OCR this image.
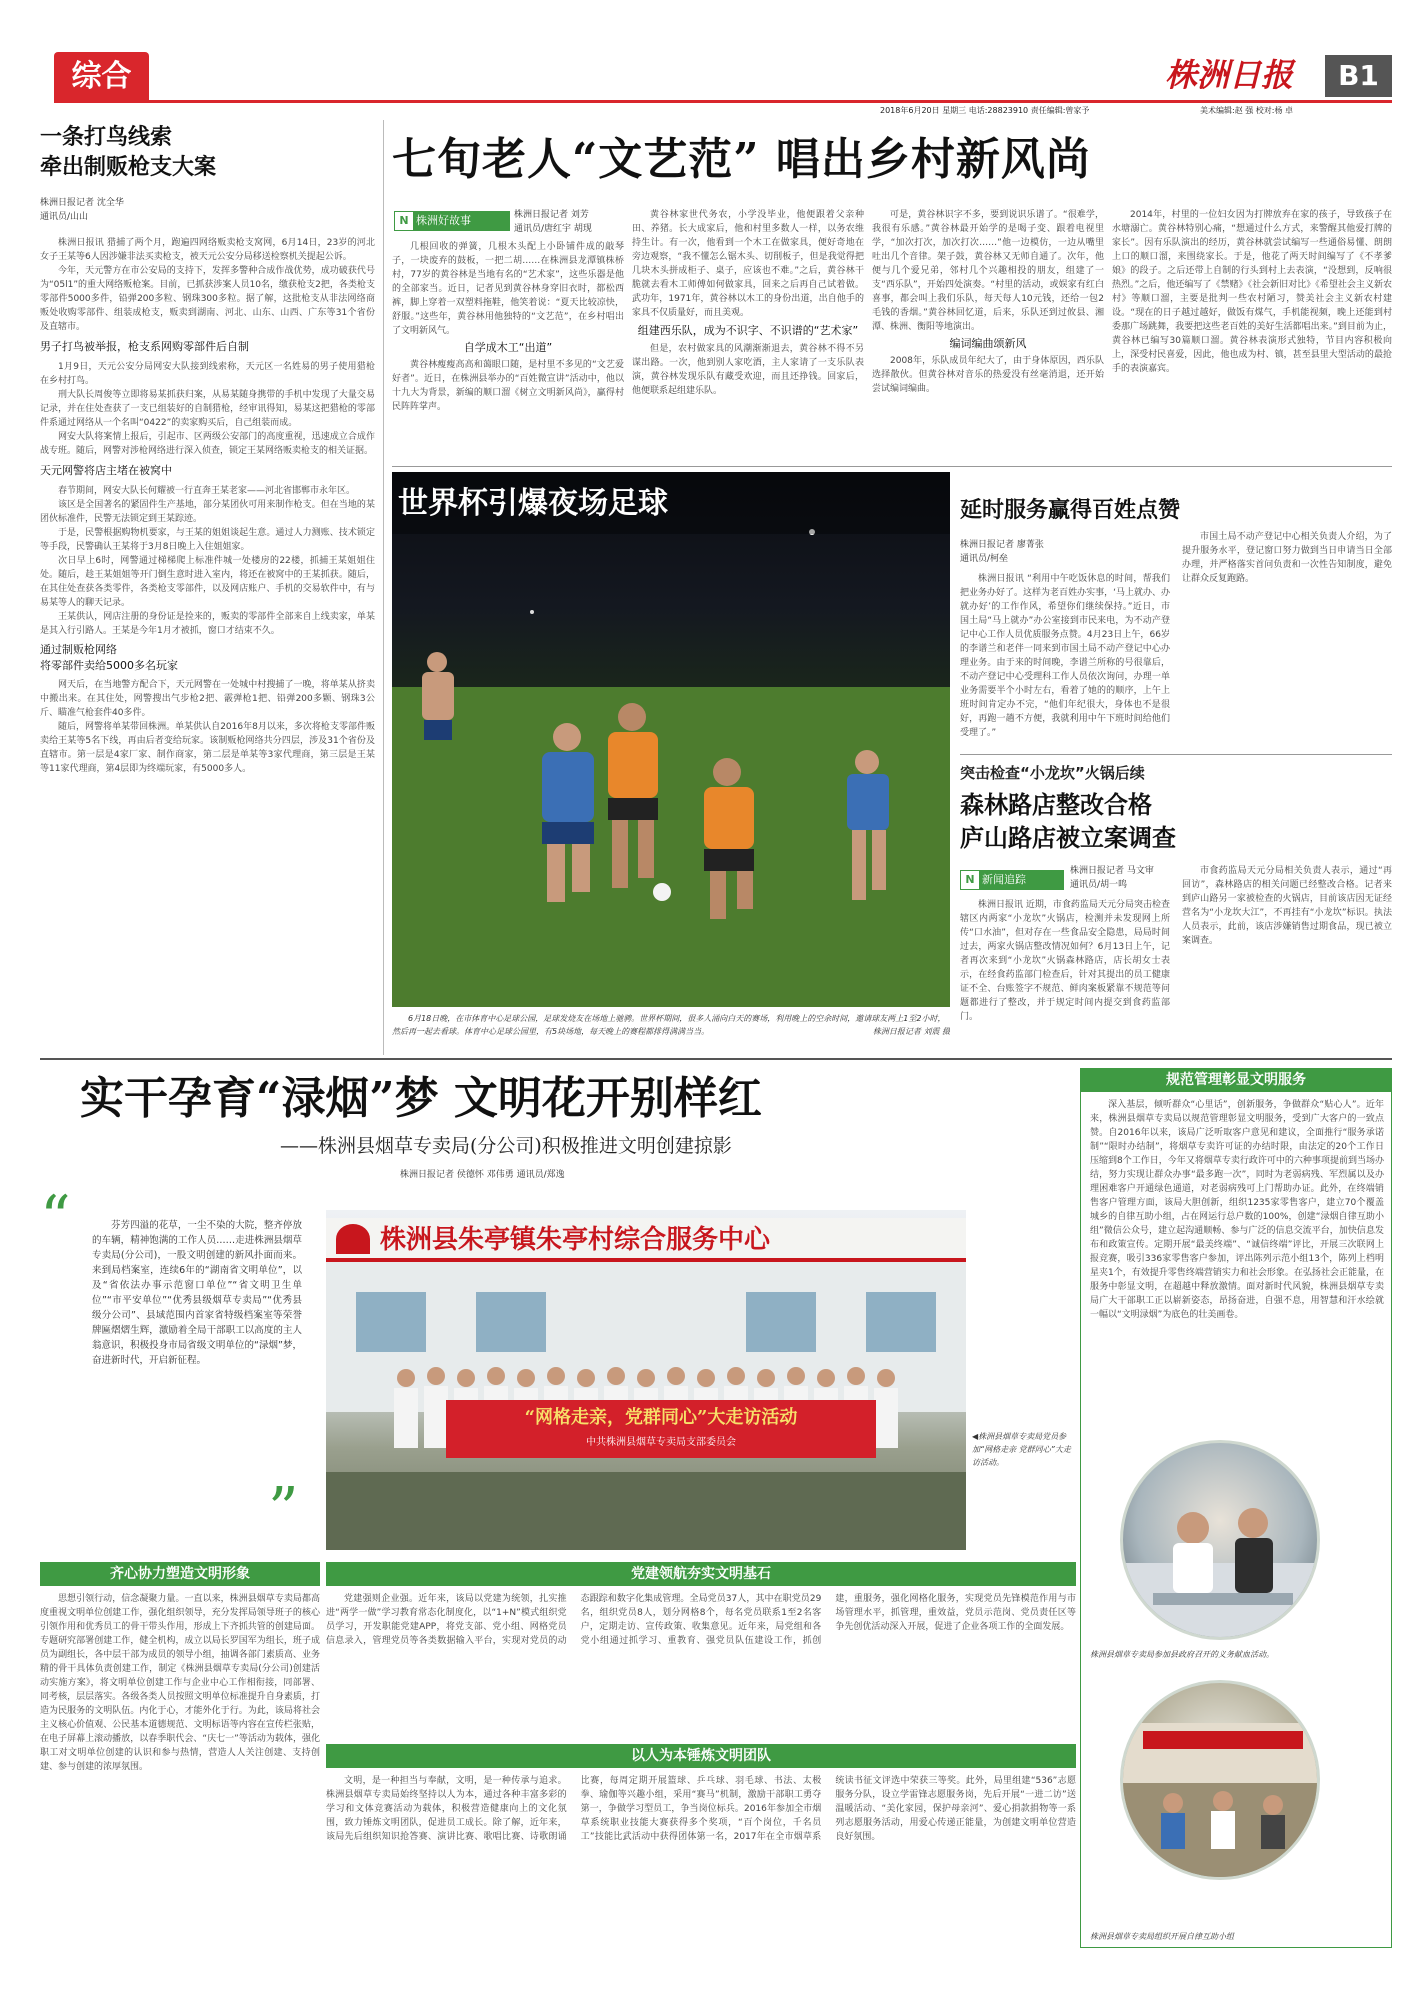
综合	株洲日报	B1
2018年6月20日 星期三 电话:28823910 责任编辑:曾家予	美术编辑:赵 强 校对:杨 卓
一条打鸟线索
牵出制贩枪支大案
株洲日报记者 沈全华
通讯员/山山

株洲日报讯 猎捕了两个月，跑遍四网络贩卖枪支窝网，6月14日，23岁的河北女子王某等6人因涉嫌非法买卖枪支，被天元公安分局移送检察机关提起公诉。

今年，天元警方在市公安局的支持下，发挥多警种合成作战优势，成功破获代号为“05l1”的重大网络贩枪案。目前，已抓获涉案人员10名，缴获枪支2把，各类枪支零部件5000多件，铅弹200多粒、钢珠300多粒。据了解，这批枪支从非法网络商贩处收购零部件、组装成枪支，贩卖到湖南、河北、山东、山西、广东等31个省份及直辖市。

男子打鸟被举报，枪支系网购零部件后自制

1月9日，天元公安分局网安大队接到线索称，天元区一名姓易的男子使用猎枪在乡村打鸟。

刑大队长周俊等立即将易某抓获归案，从易某随身携带的手机中发现了大量交易记录，并在住处查获了一支已组装好的自制猎枪，经审讯得知，易某这把猎枪的零部件系通过网络从一个名叫“0422”的卖家购买后，自己组装而成。

网安大队将案情上报后，引起市、区两级公安部门的高度重视，迅速成立合成作战专班。随后，网警对涉枪网络进行深入侦查，锁定王某网络贩卖枪支的相关证据。

天元网警将店主堵在被窝中

春节期间，网安大队长何耀被一行直奔王某老家——河北省邯郸市永年区。

该区是全国著名的紧固件生产基地，部分某团伙可用来制作枪支。但在当地的某团伙标准件，民警无法锁定到王某踪迹。

于是，民警根据购物机要家，与王某的姐姐谈起生意。通过人力测账、技术锁定等手段，民警确认王某将于3月8日晚上入住姐姐家。

次日早上6时，网警通过梯梯爬上标准件城一处楼房的22楼，抓捕王某姐姐住处。随后，趁王某姐姐等开门倒生意时进入室内，将还在被窝中的王某抓获。随后，在其住处查获各类零件，各类枪支零部件，以及网店账户、手机的交易软件中，有与易某等人的聊天记录。

王某供认，网店注册的身份证是捡来的，贩卖的零部件全部来自上线卖家，单某是其入行引路人。王某是今年1月才被抓，窗口才结束不久。

通过制贩枪网络

将零部件卖给5000多名玩家

网天后，在当地警方配合下，天元网警在一处城中村搜捕了一晚，将单某从挤卖中搬出来。在其住处，网警搜出气步枪2把、霰弹枪1把、铅弹200多颗、钢珠3公斤、瞄准气枪套件40多件。

随后，网警将单某带回株洲。单某供认自2016年8月以来，多次将枪支零部件贩卖给王某等5名下线，再由后者变给玩家。该制贩枪网络共分四层，涉及31个省份及直辖市。第一层是4家厂家、制作商家，第二层是单某等3家代理商，第三层是王某等11家代理商，第4层即为终端玩家，有5000多人。

七旬老人“文艺范” 唱出乡村新风尚
N 株洲好故事	株洲日报记者 刘芳
通讯员/唐红宇 胡现

几根回收的弹簧，几根木头配上小卧铺件成的敲琴子，一块废弃的鼓板，一把二胡……在株洲县龙潭镇株桥村，77岁的黄谷林是当地有名的“艺术家”，这些乐器是他的全部家当。近日，记者见到黄谷林身穿旧衣时，都松西裤，脚上穿着一双塑料拖鞋，他笑着说：“夏天比较凉快，舒服。”这些年，黄谷林用他独特的“文艺范”，在乡村唱出了文明新风气。

自学成木工“出道”

黄谷林瘦瘦高高和蔼眼口随，是村里不多见的“文艺爱好者”。近日，在株洲县举办的“百姓微宣讲”活动中，他以十九大为背景，新编的顺口溜《树立文明新风尚》，赢得村民阵阵掌声。

黄谷林家世代务农，小学没毕业，他便跟着父亲种田、养猪。长大成家后，他和村里多数人一样，以务农维持生计。有一次，他看到一个木工在做家具，便好奇地在旁边观察，“我不懂怎么锯木头、切削板子，但是我觉得把几块木头拼成柜子、桌子，应该也不难。”之后，黄谷林干脆就去看木工师傅如何做家具，回来之后再自己试着做。武功年，1971年，黄谷林以木工的身份出道，出自他手的家具不仅质量好，而且美观。

组建西乐队，成为不识字、不识谱的“艺术家”

但是，农村做家具的风潮渐渐退去，黄谷林不得不另谋出路。一次，他到别人家吃酒，主人家请了一支乐队表演，黄谷林发现乐队有藏受欢迎，而且还挣钱。回家后，他便联系起组建乐队。

可是，黄谷林识字不多，要到说识乐谱了。“很难学，我很有乐感。”黄谷林最开始学的是喝子变、跟着电视里学，“加次打次，加次打次……”他一边模仿，一边从嘴里吐出几个音律。架子鼓，黄谷林又无师自通了。次年，他便与几个爱兄弟，邻村几个兴趣相投的朋友，组建了一支“西乐队”，开始四处演奏。“村里的活动，或娱家有红白喜事，都会叫上我们乐队，每天每人10元钱，还给一包2毛钱的香烟。”黄谷林回忆道，后来，乐队还到过攸县、湘潭、株洲、衡阳等地演出。

编词编曲颂新风

2008年，乐队成员年纪大了，由于身体原因，西乐队选择散伙。但黄谷林对音乐的热爱没有丝毫消退，还开始尝试编词编曲。

2014年，村里的一位妇女因为打牌放弃在家的孩子，导致孩子在水塘溺亡。黄谷林特别心痛，“想通过什么方式，来警醒其他爱打牌的家长”。因有乐队演出的经历，黄谷林就尝试编写一些通俗易懂、朗朗上口的顺口溜，来围绕家长。于是，他花了两天时间编写了《不孝爹娘》的段子。之后还带上自制的行头到村上去表演，“没想到，反响很热烈。”之后，他还编写了《禁赌》《社会新旧对比》《希望社会主义新农村》等顺口溜，主要是批判一些农村陋习，赞美社会主义新农村建设。“现在的日子越过越好，做饭有煤气，手机能视频，晚上还能到村委那广场跳舞，我要把这些老百姓的美好生活都唱出来。”到目前为止，黄谷林已编写30篇顺口溜。黄谷林表演形式独特，节目内容积极向上，深受村民喜爱，因此，他也成为村、镇，甚至县里大型活动的最抢手的表演嘉宾。

世界杯引爆夜场足球
6月18日晚，在市体育中心足球公园，足球发烧友在场地上驰骋。世界杯期间，很多人涌向白天的赛场，利用晚上的空余时间，邀请球友两上1至2小时，然后再一起去看球。体育中心足球公园里，有5块场地，每天晚上的赛程都排得满满当当。	株洲日报记者 刘震 摄
延时服务赢得百姓点赞
株洲日报记者 廖菁张
通讯员/柯垒

株洲日报讯 “利用中午吃饭休息的时间，帮我们把业务办好了。这样为老百姓办实事，‘马上就办、办就办好’的工作作风，希望你们继续保持。”近日，市国土局“马上就办”办公室接到市民来电，为不动产登记中心工作人员优质服务点赞。4月23日上午，66岁的李谱兰和老伴一同来到市国土局不动产登记中心办理业务。由于来的时间晚，李谱兰所称的号很靠后，不动产登记中心受理科工作人员依次询问，办理一单业务需要半个小时左右，看着了她的的顺序，上午上班时间肯定办不完，“他们年纪很大，身体也不是很好，再跑一趟不方便，我就利用中午下班时间给他们受理了。”

市国土局不动产登记中心相关负责人介绍，为了提升服务水平，登记窗口努力做到当日申请当日全部办理，并严格落实首问负责和一次性告知制度，避免让群众反复跑路。

突击检查“小龙坎”火锅后续
森林路店整改合格
庐山路店被立案调查
N 新闻追踪
株洲日报记者 马文审
通讯员/胡一鸣

株洲日报讯 近期，市食药监局天元分局突击检查辖区内两家“小龙坎”火锅店，检测并未发现网上所传“口水油”，但对存在一些食品安全隐患，局局时间过去，两家火锅店整改情况如何？6月13日上午，记者再次来到“小龙坎”火锅森林路店，店长胡女士表示，在经食药监部门检查后，针对其提出的员工健康证不全、台账签字不规范、鲜肉案板紧靠不规范等问题都进行了整改，并于规定时间内提交到食药监部门。

市食药监局天元分局相关负责人表示，通过“再回访”，森林路店的相关问题已经整改合格。记者来到庐山路另一家被检查的火锅店，目前该店因无证经营名为“小龙坎大江”，不再挂有“小龙坎”标识。执法人员表示，此前，该店涉嫌销售过期食品，现已被立案调查。

实干孕育“渌烟”梦 文明花开别样红
——株洲县烟草专卖局(分公司)积极推进文明创建掠影
株洲日报记者 侯德怀 邓伟勇 通讯员/郑逸
规范管理彰显文明服务

深入基层，倾听群众“心里话”，创新服务，争做群众“贴心人”。近年来，株洲县烟草专卖局以规范管理彰显文明服务，受到广大客户的一致点赞。自2016年以来，该局广泛听取客户意见和建议，全面推行“服务承诺制”“限时办结制”，将烟草专卖许可证的办结时限，由法定的20个工作日压缩到8个工作日，今年又将烟草专卖行政许可中的六种事项提前到当场办结，努力实现让群众办事“最多跑一次”，同时为老弱病残、军烈属以及办理困难客户开通绿色通道，对老弱病残可上门帮助办证。此外，在终端销售客户管理方面，该局大胆创新，组织1235家零售客户，建立70个覆盖城乡的自律互助小组，占在网运行总户数的100%，创建“渌烟自律互助小组”微信公众号，建立起沟通顺畅、参与广泛的信息交流平台，加快信息发布和政策宣传。定期开展“最美终端”、“诚信终端”评比，开展三次联网上报竞赛，吸引336家零售客户参加，评出陈列示范小组13个，陈列上档明星夹1个，有效提升零售终端营销实力和社会形象。在弘扬社会正能量，在服务中彰显文明，在超越中释放激情。面对新时代风貌，株洲县烟草专卖局广大干部职工正以崭新姿态，昂扬奋进，自强不息，用智慧和汗水绘就一幅以“文明渌烟”为底色的壮美画卷。

株洲县烟草专卖局参加县政府召开的义务献血活动。
株洲县烟草专卖局组织开展自律互助小组
“	芬芳四溢的花草，一尘不染的大院，整齐停放的车辆，精神饱满的工作人员……走进株洲县烟草专卖局(分公司)，一股文明创建的新风扑面而来。来到局档案室，连续6年的“湖南省文明单位”，以及“省依法办事示范窗口单位”“省文明卫生单位”“市平安单位”“优秀县级烟草专卖局”“优秀县级分公司”、县域范围内首家省特级档案室等荣誉牌匾熠熠生辉，激励着全局干部职工以高度的主人翁意识，积极投身市局省级文明单位的“渌烟”梦，奋进新时代，开启新征程。

”
株洲县朱亭镇朱亭村综合服务中心
“网格走亲，党群同心”大走访活动
中共株洲县烟草专卖局支部委员会
◀株洲县烟草专卖局党员参加“网格走亲 党群同心”大走访活动。
齐心协力塑造文明形象

思想引领行动，信念凝聚力量。一直以来，株洲县烟草专卖局都高度重视文明单位创建工作，强化组织领导，充分发挥局领导班子的核心引领作用和优秀员工的骨干带头作用，形成上下齐抓共管的创建局面。专题研究部署创建工作，健全机构，成立以局长罗国军为组长，班子成员为副组长，各中层干部为成员的领导小组，抽调各部门素质高、业务精的骨干具体负责创建工作，制定《株洲县烟草专卖局(分公司)创建活动实施方案》，将文明单位创建工作与企业中心工作相衔接，同部署、同考核，层层落实。各级各类人员按照文明单位标准提升自身素质，打造为民服务的文明队伍。内化于心，才能外化于行。为此，该局将社会主义核心价值观、公民基本道德规范、文明标语等内容在宣传栏张贴，在电子屏幕上滚动播放，以春季职代会、“庆七一”等活动为载体，强化职工对文明单位创建的认识和参与热情，营造人人关注创建、支持创建、参与创建的浓厚氛围。

党建领航夯实文明基石

党建强则企业强。近年来，该局以党建为统领，扎实推进“两学一做”学习教育常态化制度化，以“1+N”模式组织党员学习，开发职能党建APP，将党支部、党小组、网格党员信息录入，管理党员等各类数据输入平台，实现对党员的动态跟踪和数字化集成管理。全局党员37人，其中在职党员29名，组织党员8人，划分网格8个，每名党员联系1至2名客户，定期走访、宣传政策、收集意见。近年来，局党组和各党小组通过抓学习、重教育、强党员队伍建设工作，抓创建，重服务，强化网格化服务，实现党员先锋模范作用与市场管理水平，抓管理，重效益，党员示范岗、党员责任区等争先创优活动深入开展，促进了企业各项工作的全面发展。

以人为本锤炼文明团队

文明，是一种担当与奉献，文明，是一种传承与追求。株洲县烟草专卖局始终坚持以人为本，通过各种丰富多彩的学习和文体竞赛活动为载体，积极营造健康向上的文化氛围，致力锤炼文明团队，促进员工成长。除了解，近年来，该局先后组织知识抢答赛、演讲比赛、歌唱比赛、诗歌朗诵比赛，每周定期开展篮球、乒乓球、羽毛球、书法、太极拳、瑜伽等兴趣小组，采用“赛马”机制，激励干部职工勇夺第一，争做学习型员工，争当岗位标兵。2016年参加全市烟草系统职业技能大赛获得多个奖项，“百个岗位，千名员工”技能比武活动中获得团体第一名，2017年在全市烟草系统读书征文评选中荣获三等奖。此外，局里组建“536”志愿服务分队，设立学雷锋志愿服务岗，先后开展“一进二访”送温暖活动、“美化家园，保护母亲河”、爱心捐款捐物等一系列志愿服务活动，用爱心传递正能量，为创建文明单位营造良好氛围。
